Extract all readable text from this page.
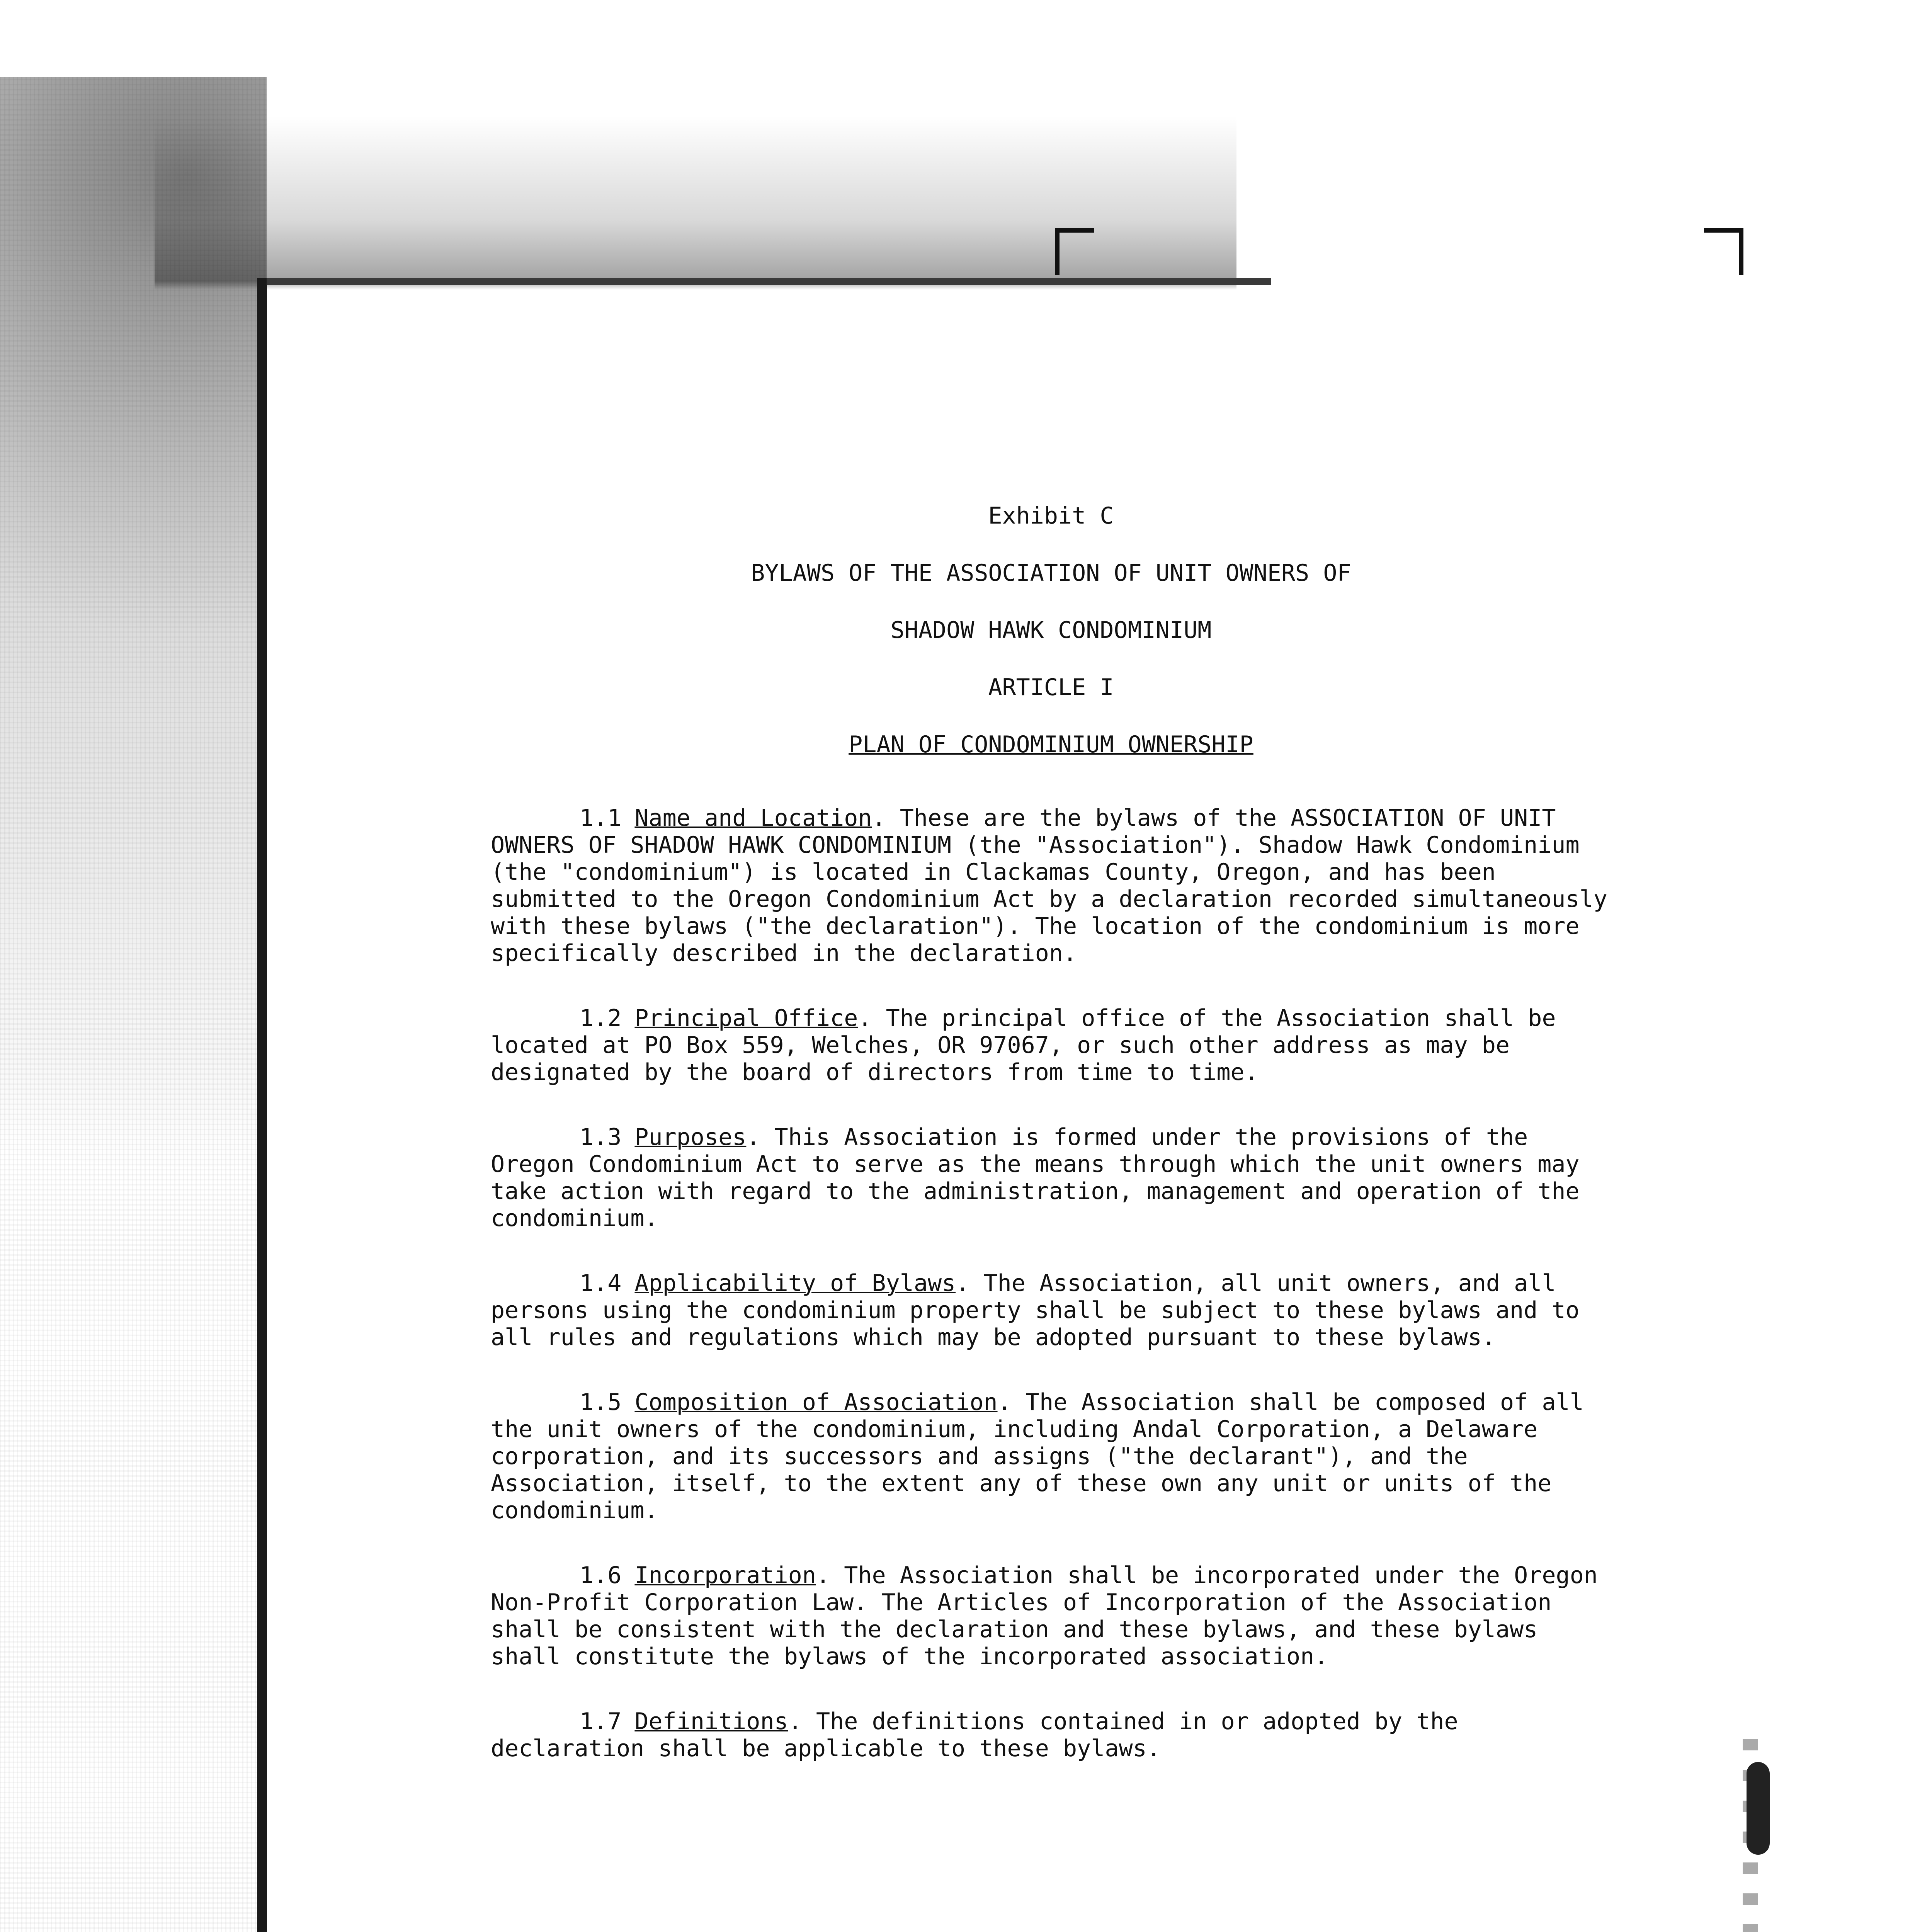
Exhibit C
BYLAWS OF THE ASSOCIATION OF UNIT OWNERS OF
SHADOW HAWK CONDOMINIUM
ARTICLE I
PLAN OF CONDOMINIUM OWNERSHIP

1.1 Name and Location. These are the bylaws of the ASSOCIATION OF UNIT OWNERS OF SHADOW HAWK CONDOMINIUM (the "Association"). Shadow Hawk Condominium (the "condominium") is located in Clackamas County, Oregon, and has been submitted to the Oregon Condominium Act by a declaration recorded simultaneously with these bylaws ("the declaration"). The location of the condominium is more specifically described in the declaration.

1.2 Principal Office. The principal office of the Association shall be located at PO Box 559, Welches, OR 97067, or such other address as may be designated by the board of directors from time to time.

1.3 Purposes. This Association is formed under the provisions of the Oregon Condominium Act to serve as the means through which the unit owners may take action with regard to the administration, management and operation of the condominium.

1.4 Applicability of Bylaws. The Association, all unit owners, and all persons using the condominium property shall be subject to these bylaws and to all rules and regulations which may be adopted pursuant to these bylaws.

1.5 Composition of Association. The Association shall be composed of all the unit owners of the condominium, including Andal Corporation, a Delaware corporation, and its successors and assigns ("the declarant"), and the Association, itself, to the extent any of these own any unit or units of the condominium.

1.6 Incorporation. The Association shall be incorporated under the Oregon Non-Profit Corporation Law. The Articles of Incorporation of the Association shall be consistent with the declaration and these bylaws, and these bylaws shall constitute the bylaws of the incorporated association.

1.7 Definitions. The definitions contained in or adopted by the declaration shall be applicable to these bylaws.
